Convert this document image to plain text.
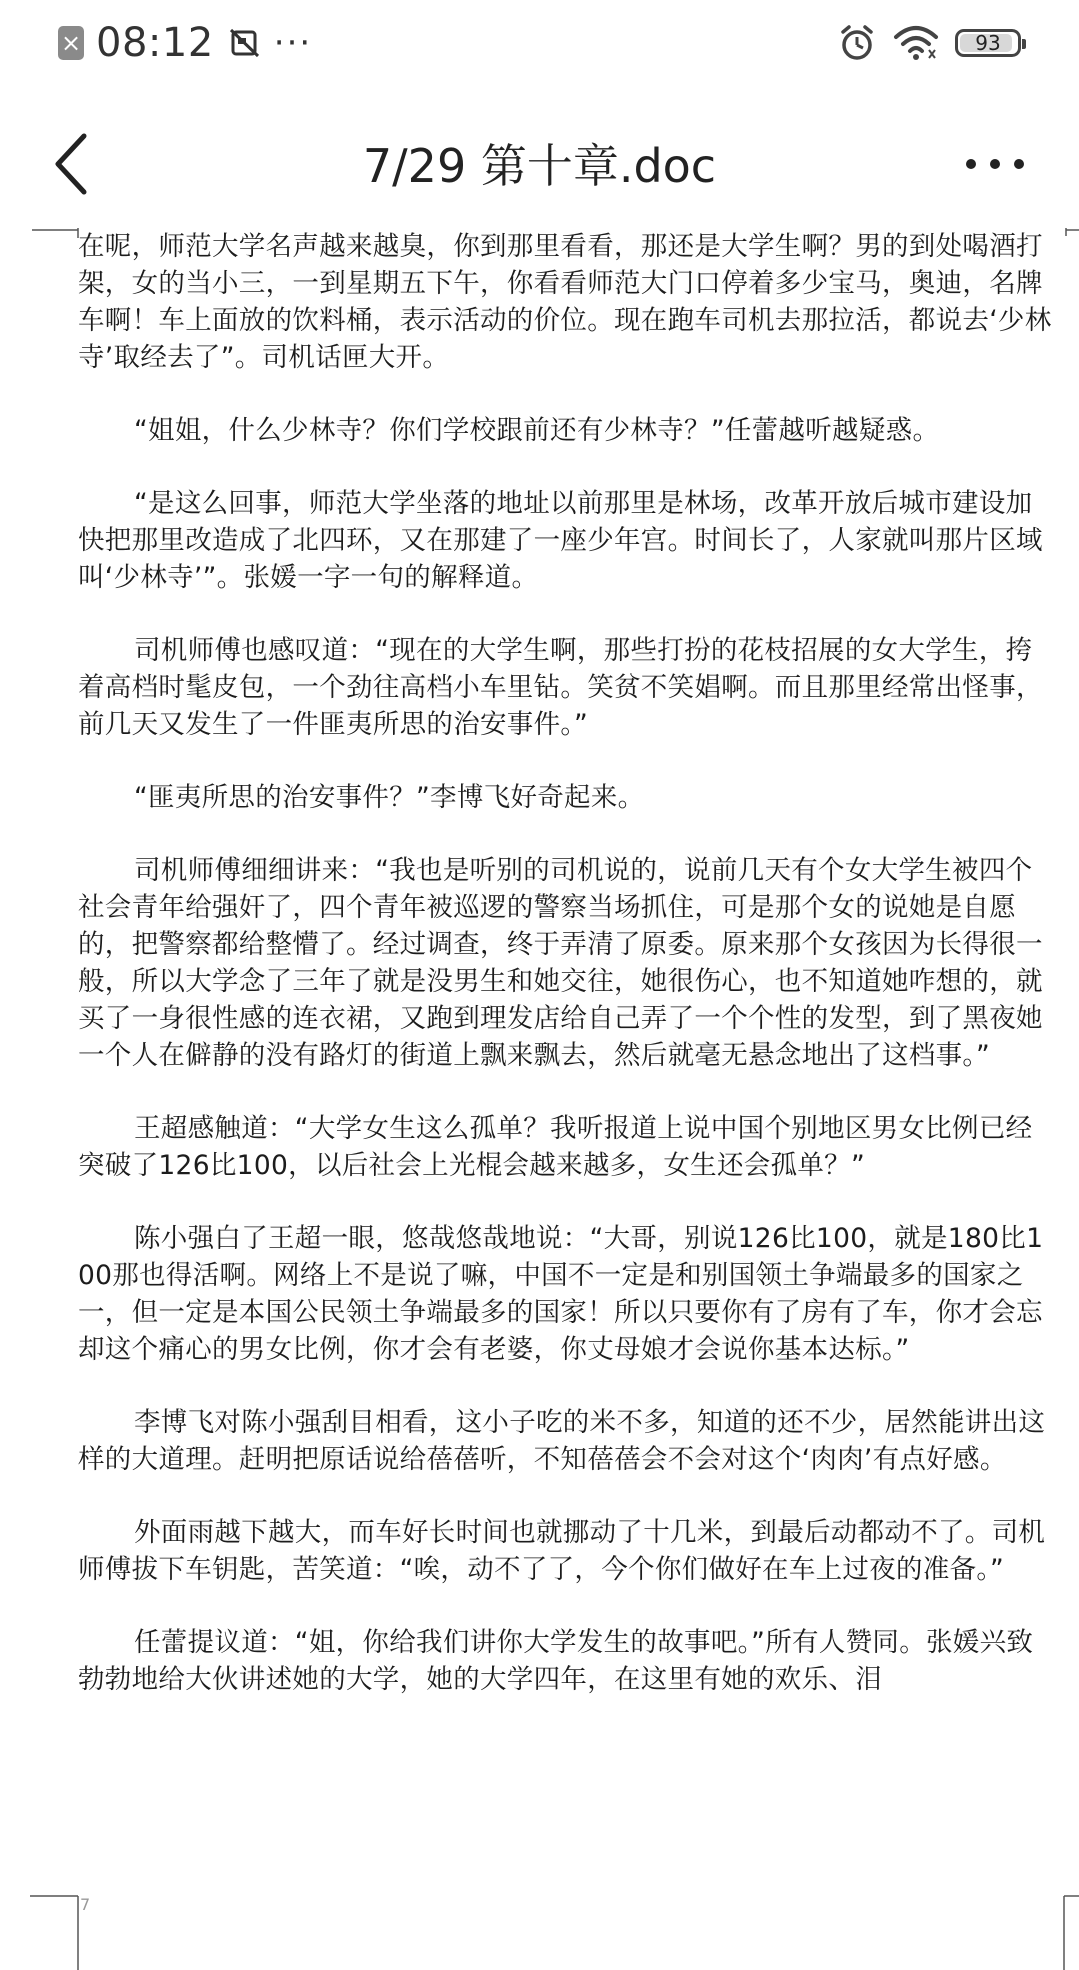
× 08:12 ···	93
7/29 第十章.doc

在呢，师范大学名声越来越臭，你到那里看看，那还是大学生啊？男的到处喝酒打架，女的当小三，一到星期五下午，你看看师范大门口停着多少宝马，奥迪，名牌车啊！车上面放的饮料桶，表示活动的价位。现在跑车司机去那拉活，都说去‘少林寺’取经去了”。司机话匣大开。

“姐姐，什么少林寺？你们学校跟前还有少林寺？”任蕾越听越疑惑。

“是这么回事，师范大学坐落的地址以前那里是林场，改革开放后城市建设加快把那里改造成了北四环，又在那建了一座少年宫。时间长了，人家就叫那片区域叫‘少林寺’”。张媛一字一句的解释道。

司机师傅也感叹道：“现在的大学生啊，那些打扮的花枝招展的女大学生，挎着高档时髦皮包，一个劲往高档小车里钻。笑贫不笑娼啊。而且那里经常出怪事，前几天又发生了一件匪夷所思的治安事件。”

“匪夷所思的治安事件？”李博飞好奇起来。

司机师傅细细讲来：“我也是听别的司机说的，说前几天有个女大学生被四个社会青年给强奸了，四个青年被巡逻的警察当场抓住，可是那个女的说她是自愿的，把警察都给整懵了。经过调查，终于弄清了原委。原来那个女孩因为长得很一般，所以大学念了三年了就是没男生和她交往，她很伤心，也不知道她咋想的，就买了一身很性感的连衣裙，又跑到理发店给自己弄了一个个性的发型，到了黑夜她一个人在僻静的没有路灯的街道上飘来飘去，然后就毫无悬念地出了这档事。”

王超感触道：“大学女生这么孤单？我听报道上说中国个别地区男女比例已经突破了126比100，以后社会上光棍会越来越多，女生还会孤单？”

陈小强白了王超一眼，悠哉悠哉地说：“大哥，别说126比100，就是180比100那也得活啊。网络上不是说了嘛，中国不一定是和别国领土争端最多的国家之一，但一定是本国公民领土争端最多的国家！所以只要你有了房有了车，你才会忘却这个痛心的男女比例，你才会有老婆，你丈母娘才会说你基本达标。”

李博飞对陈小强刮目相看，这小子吃的米不多，知道的还不少，居然能讲出这样的大道理。赶明把原话说给蓓蓓听，不知蓓蓓会不会对这个‘肉肉’有点好感。

外面雨越下越大，而车好长时间也就挪动了十几米，到最后动都动不了。司机师傅拔下车钥匙，苦笑道：“唉，动不了了，今个你们做好在车上过夜的准备。”

任蕾提议道：“姐，你给我们讲你大学发生的故事吧。”所有人赞同。张媛兴致勃勃地给大伙讲述她的大学，她的大学四年，在这里有她的欢乐、泪

7
